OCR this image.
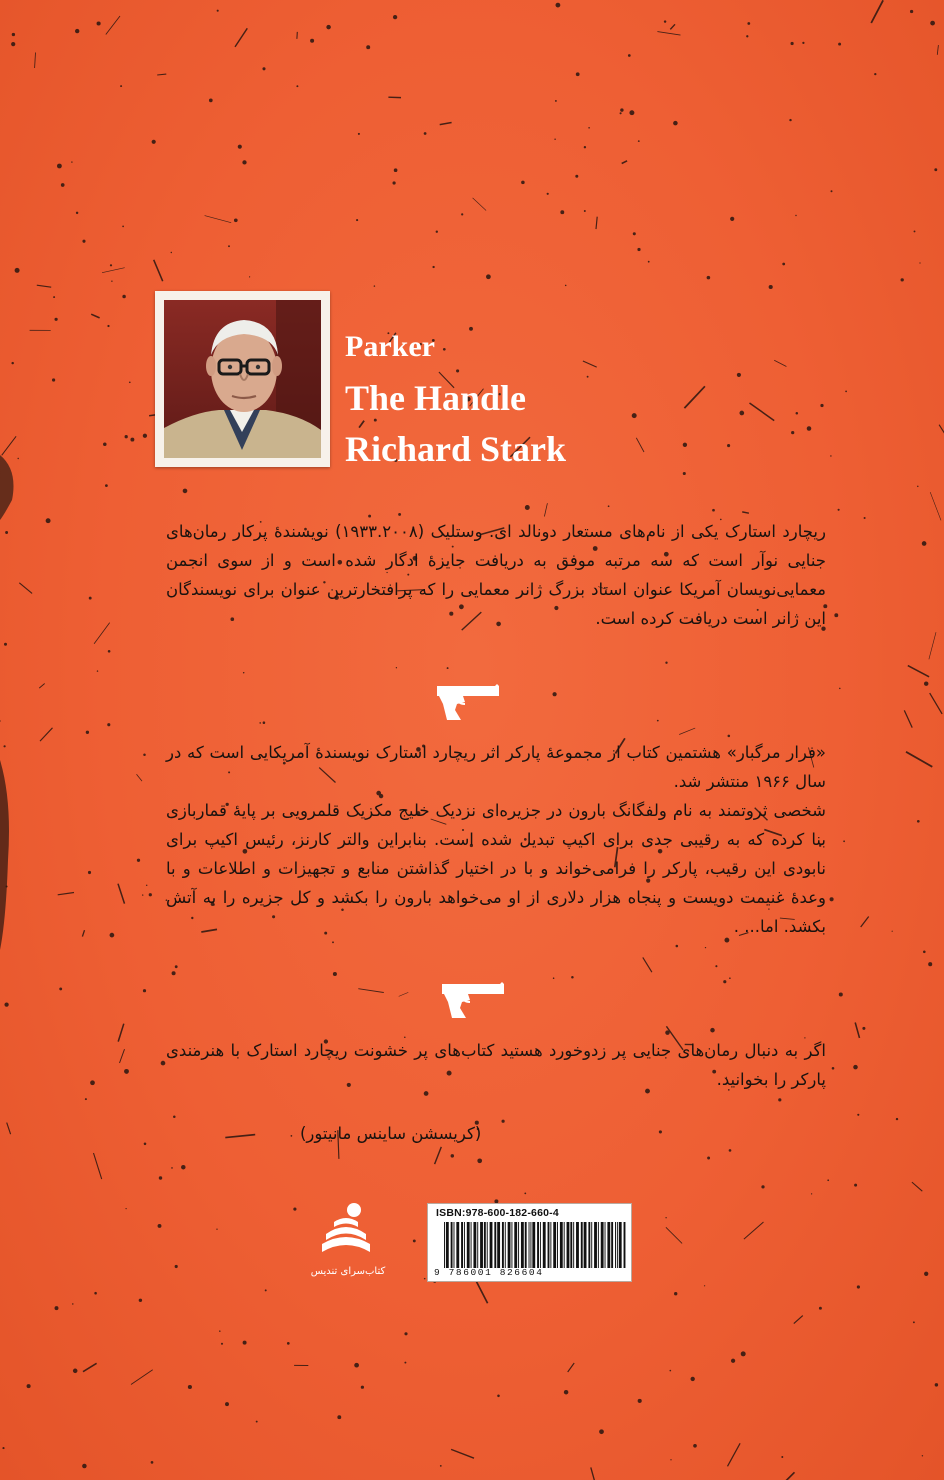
Parker
The Handle
Richard Stark
ریچارد استارک یکی از نام‌های مستعار دونالد ای. وستلیک (۱۹۳۳.۲۰۰۸) نویسندهٔ پرکار رمان‌های جنایی نوآر است که سه مرتبه موفق به دریافت جایزهٔ ادگار شده است و از سوی انجمن معمایی‌نویسان آمریکا عنوان استاد بزرگ ژانر معمایی را که پرافتخارترین عنوان برای نویسندگان این ژانر است دریافت کرده است.
«فرار مرگبار» هشتمین کتاب از مجموعهٔ پارکر اثر ریچارد استارک نویسندهٔ آمریکایی است که در سال ۱۹۶۶ منتشر شد.
شخصی ثروتمند به نام ولفگانگ بارون در جزیره‌ای نزدیک خلیج مکزیک قلمرویی بر پایهٔ قماربازی بنا کرده که به رقیبی جدی برای اکیپ تبدیل شده است. بنابراین والتر کارنز، رئیس اکیپ برای نابودی این رقیب، پارکر را فرامی‌خواند و با در اختیار گذاشتن منابع و تجهیزات و اطلاعات و با وعدهٔ غنیمت دویست و پنجاه هزار دلاری از او می‌خواهد بارون را بکشد و کل جزیره را به آتش بکشد. اما... .
اگر به دنبال رمان‌های جنایی پر زدوخورد هستید کتاب‌های پر خشونت ریچارد استارک با هنرمندی پارکر را بخوانید.
(کریسشن ساینس مانیتور)
کتاب‌سرای تندیس
ISBN:978-600-182-660-4
9 786001 826604
